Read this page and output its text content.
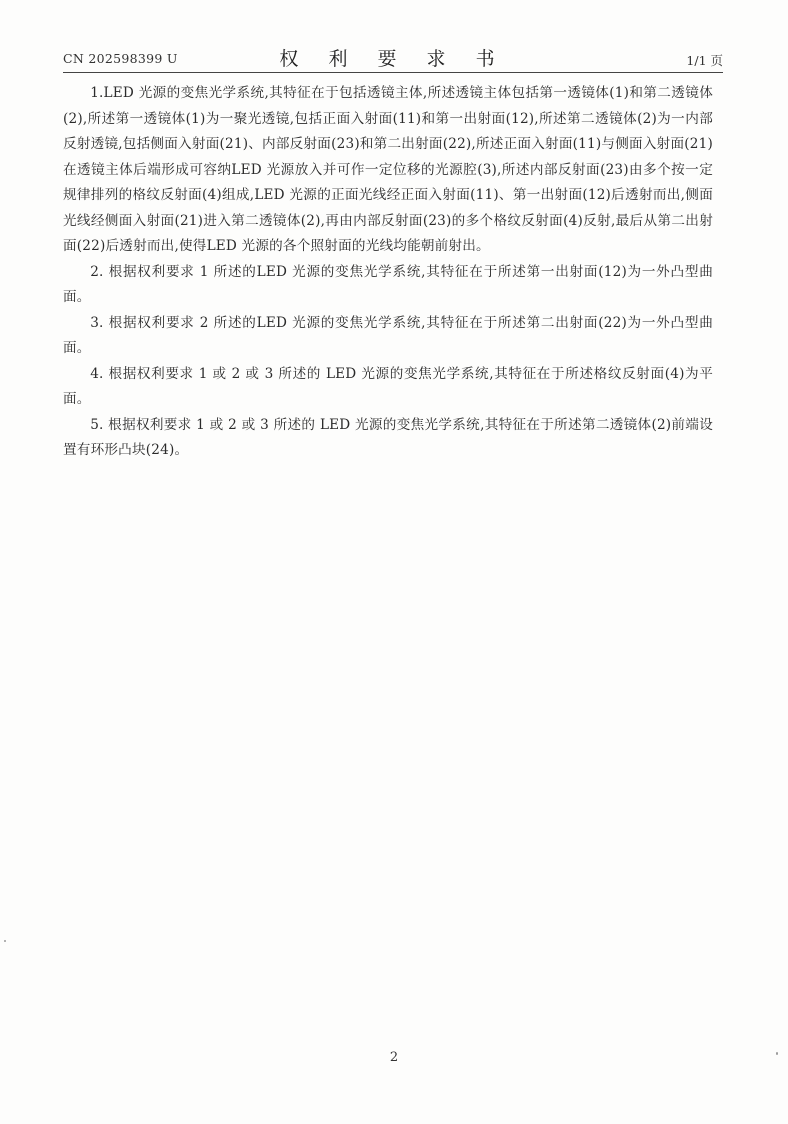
CN 202598399 U	权 利 要 求 书	1/1 页

1.LED 光源的变焦光学系统,其特征在于包括透镜主体,所述透镜主体包括第一透镜体(1)和第二透镜体(2),所述第一透镜体(1)为一聚光透镜,包括正面入射面(11)和第一出射面(12),所述第二透镜体(2)为一内部反射透镜,包括侧面入射面(21)、内部反射面(23)和第二出射面(22),所述正面入射面(11)与侧面入射面(21)在透镜主体后端形成可容纳LED 光源放入并可作一定位移的光源腔(3),所述内部反射面(23)由多个按一定规律排列的格纹反射面(4)组成,LED 光源的正面光线经正面入射面(11)、第一出射面(12)后透射而出,侧面光线经侧面入射面(21)进入第二透镜体(2),再由内部反射面(23)的多个格纹反射面(4)反射,最后从第二出射面(22)后透射而出,使得LED 光源的各个照射面的光线均能朝前射出。

2. 根据权利要求 1 所述的LED 光源的变焦光学系统,其特征在于所述第一出射面(12)为一外凸型曲面。

3. 根据权利要求 2 所述的LED 光源的变焦光学系统,其特征在于所述第二出射面(22)为一外凸型曲面。

4. 根据权利要求 1 或 2 或 3 所述的 LED 光源的变焦光学系统,其特征在于所述格纹反射面(4)为平面。

5. 根据权利要求 1 或 2 或 3 所述的 LED 光源的变焦光学系统,其特征在于所述第二透镜体(2)前端设置有环形凸块(24)。

2
